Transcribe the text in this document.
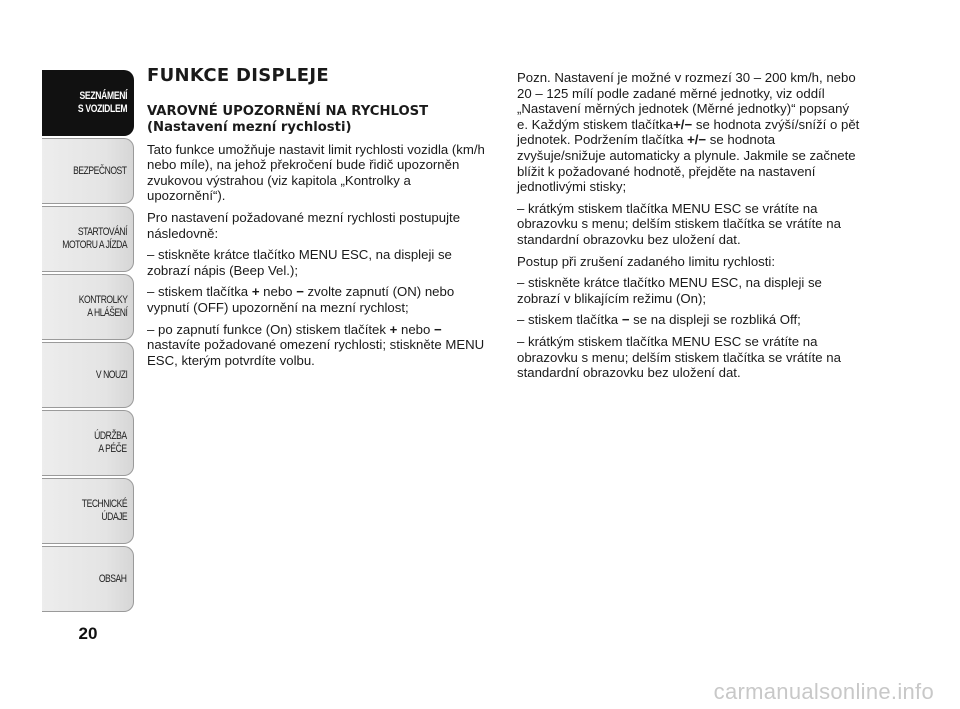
SEZNÁMENÍ
S VOZIDLEM
BEZPEČNOST
STARTOVÁNÍ
MOTORU A JÍZDA
KONTROLKY
A HLÁŠENÍ
V NOUZI
ÚDRŽBA
A PÉČE
TECHNICKÉ
ÚDAJE
OBSAH
20
FUNKCE DISPLEJE
VAROVNÉ UPOZORNĚNÍ NA RYCHLOST (Nastavení mezní rychlosti)

Tato funkce umožňuje nastavit limit rychlosti vozidla (km/h nebo míle), na jehož překročení bude řidič upozorněn zvukovou výstrahou (viz kapitola „Kontrolky a upozornění“).

Pro nastavení požadované mezní rychlosti postupujte následovně:

– stiskněte krátce tlačítko MENU ESC, na displeji se zobrazí nápis (Beep Vel.);

– stiskem tlačítka + nebo − zvolte zapnutí (ON) nebo vypnutí (OFF) upozornění na mezní rychlost;

– po zapnutí funkce (On) stiskem tlačítek + nebo − nastavíte požadované omezení rychlosti; stiskněte MENU ESC, kterým potvrdíte volbu.

Pozn. Nastavení je možné v rozmezí 30 – 200 km/h, nebo 20 – 125 mílí podle zadané měrné jednotky, viz oddíl „Nastavení měrných jednotek (Měrné jednotky)“ popsaný e. Každým stiskem tlačítka+/− se hodnota zvýší/sníží o pět jednotek. Podržením tlačítka +/− se hodnota zvyšuje/snižuje automaticky a plynule. Jakmile se začnete blížit k požadované hodnotě, přejděte na nastavení jednotlivými stisky;

– krátkým stiskem tlačítka MENU ESC se vrátíte na obrazovku s menu; delším stiskem tlačítka se vrátíte na standardní obrazovku bez uložení dat.

Postup při zrušení zadaného limitu rychlosti:

– stiskněte krátce tlačítko MENU ESC, na displeji se zobrazí v blikajícím režimu (On);

– stiskem tlačítka − se na displeji se rozbliká Off;

– krátkým stiskem tlačítka MENU ESC se vrátíte na obrazovku s menu; delším stiskem tlačítka se vrátíte na standardní obrazovku bez uložení dat.

carmanualsonline.info
